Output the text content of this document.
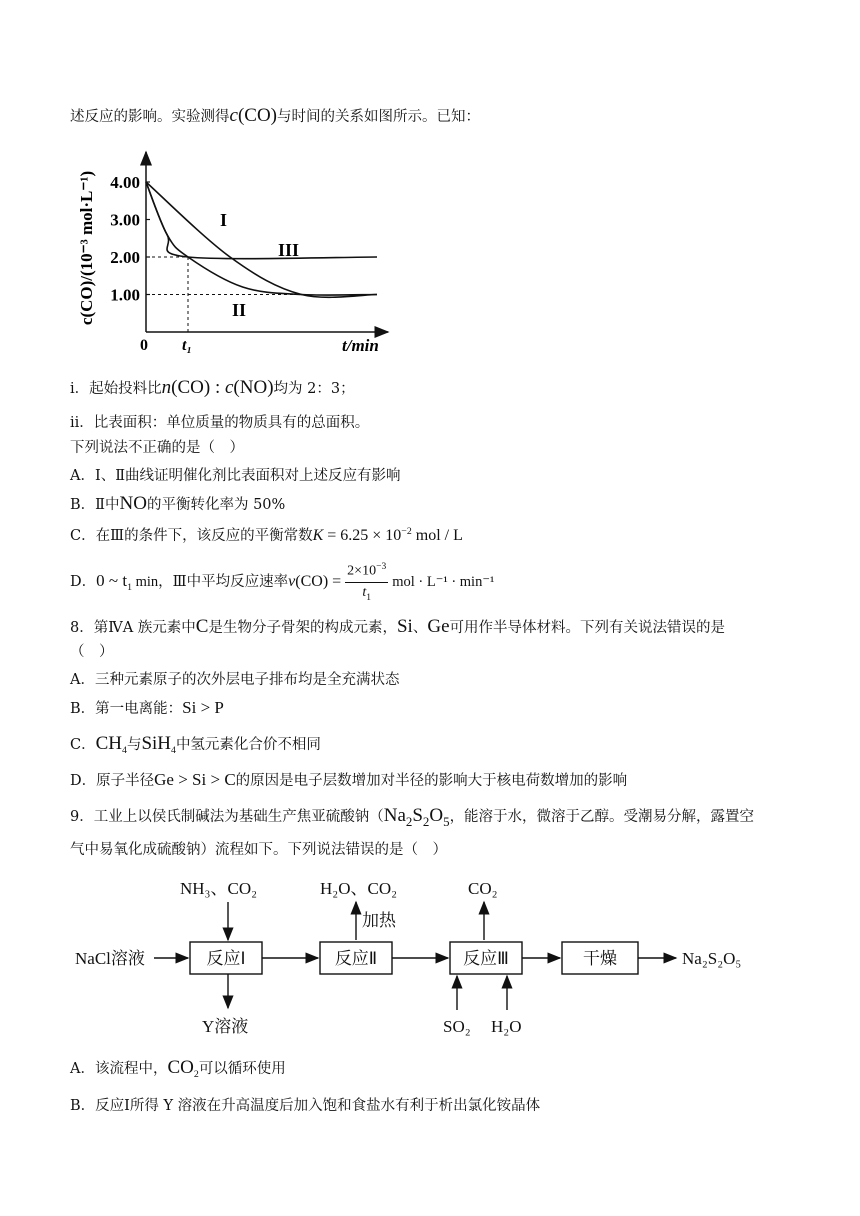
述反应的影响。实验测得c(CO)与时间的关系如图所示。已知：
4.00
3.00
2.00
1.00
c(CO)/(10⁻³ mol·L⁻¹)
0 t₁	t/min
I
II
III
ⅰ．起始投料比n(CO) : c(NO)均为 2：3；
ⅱ．比表面积：单位质量的物质具有的总面积。
下列说法不正确的是（　）
A．Ⅰ、Ⅱ曲线证明催化剂比表面积对上述反应有影响
B．Ⅱ中NO的平衡转化率为 50%
C．在Ⅲ的条件下，该反应的平衡常数$K = 6.25 \times 10^{-2}$ mol / L
D．0 ~ $t_1$ min，Ⅲ中平均反应速率$v(CO) = \frac{2\times 10^{-3}}{t_1}$ mol · L⁻¹ · min⁻¹
8．第ⅣA 族元素中C是生物分子骨架的构成元素，Si、Ge可用作半导体材料。下列有关说法错误的是
（　）
A．三种元素原子的次外层电子排布均是全充满状态
B．第一电离能：Si > P
C．$CH_4$与SiH$_4$中氢元素化合价不相同
D．原子半径Ge > Si > C的原因是电子层数增加对半径的影响大于核电荷数增加的影响
9．工业上以侯氏制碱法为基础生产焦亚硫酸钠（$Na_2S_2O_5$，能溶于水，微溶于乙醇。受潮易分解，露置空
气中易氧化成硫酸钠）流程如下。下列说法错误的是（　）
NaCl溶液	反应Ⅰ
NH₃、CO₂
Y溶液
反应Ⅱ
H₂O、CO₂
加热
反应Ⅲ
CO₂
SO₂ H₂O
干燥	Na₂S₂O₅
A．该流程中，$CO_2$可以循环使用
B．反应Ⅰ所得 Y 溶液在升高温度后加入饱和食盐水有利于析出氯化铵晶体
